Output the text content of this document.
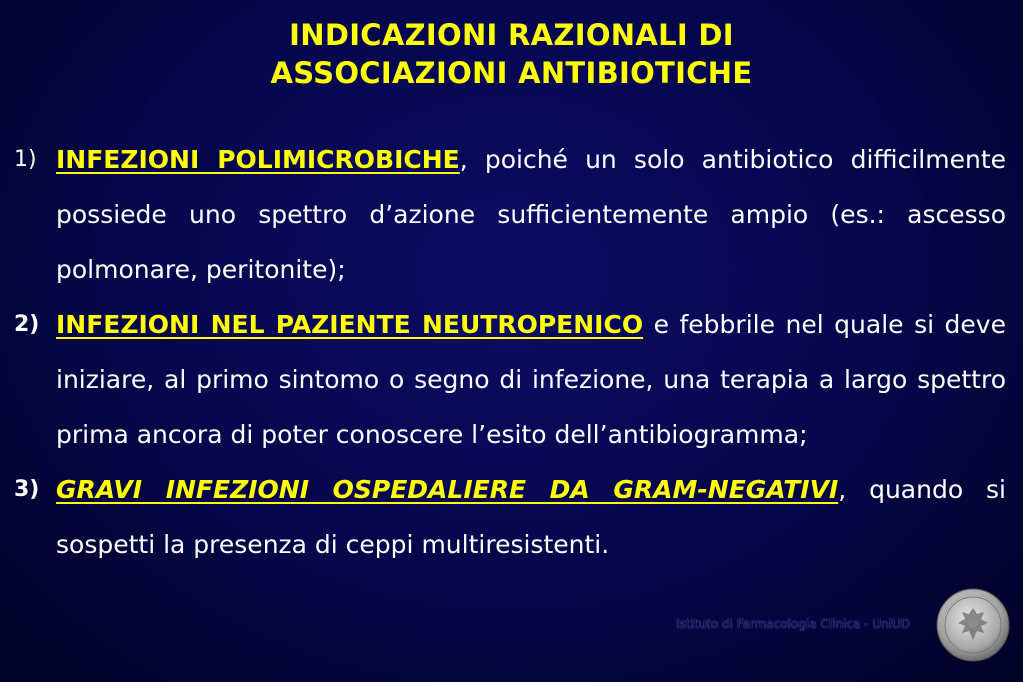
INDICAZIONI RAZIONALI DI
ASSOCIAZIONI ANTIBIOTICHE
1) INFEZIONI POLIMICROBICHE, poiché un solo antibiotico difficilmente possiede uno spettro d’azione sufficientemente ampio (es.: ascesso polmonare, peritonite);
2) INFEZIONI NEL PAZIENTE NEUTROPENICO e febbrile nel quale si deve iniziare, al primo sintomo o segno di infezione, una terapia a largo spettro prima ancora di poter conoscere l’esito dell’antibiogramma;
3) GRAVI INFEZIONI OSPEDALIERE DA GRAM-NEGATIVI, quando si sospetti la presenza di ceppi multiresistenti.
Istituto di Farmacologia Clinica - UniUD
